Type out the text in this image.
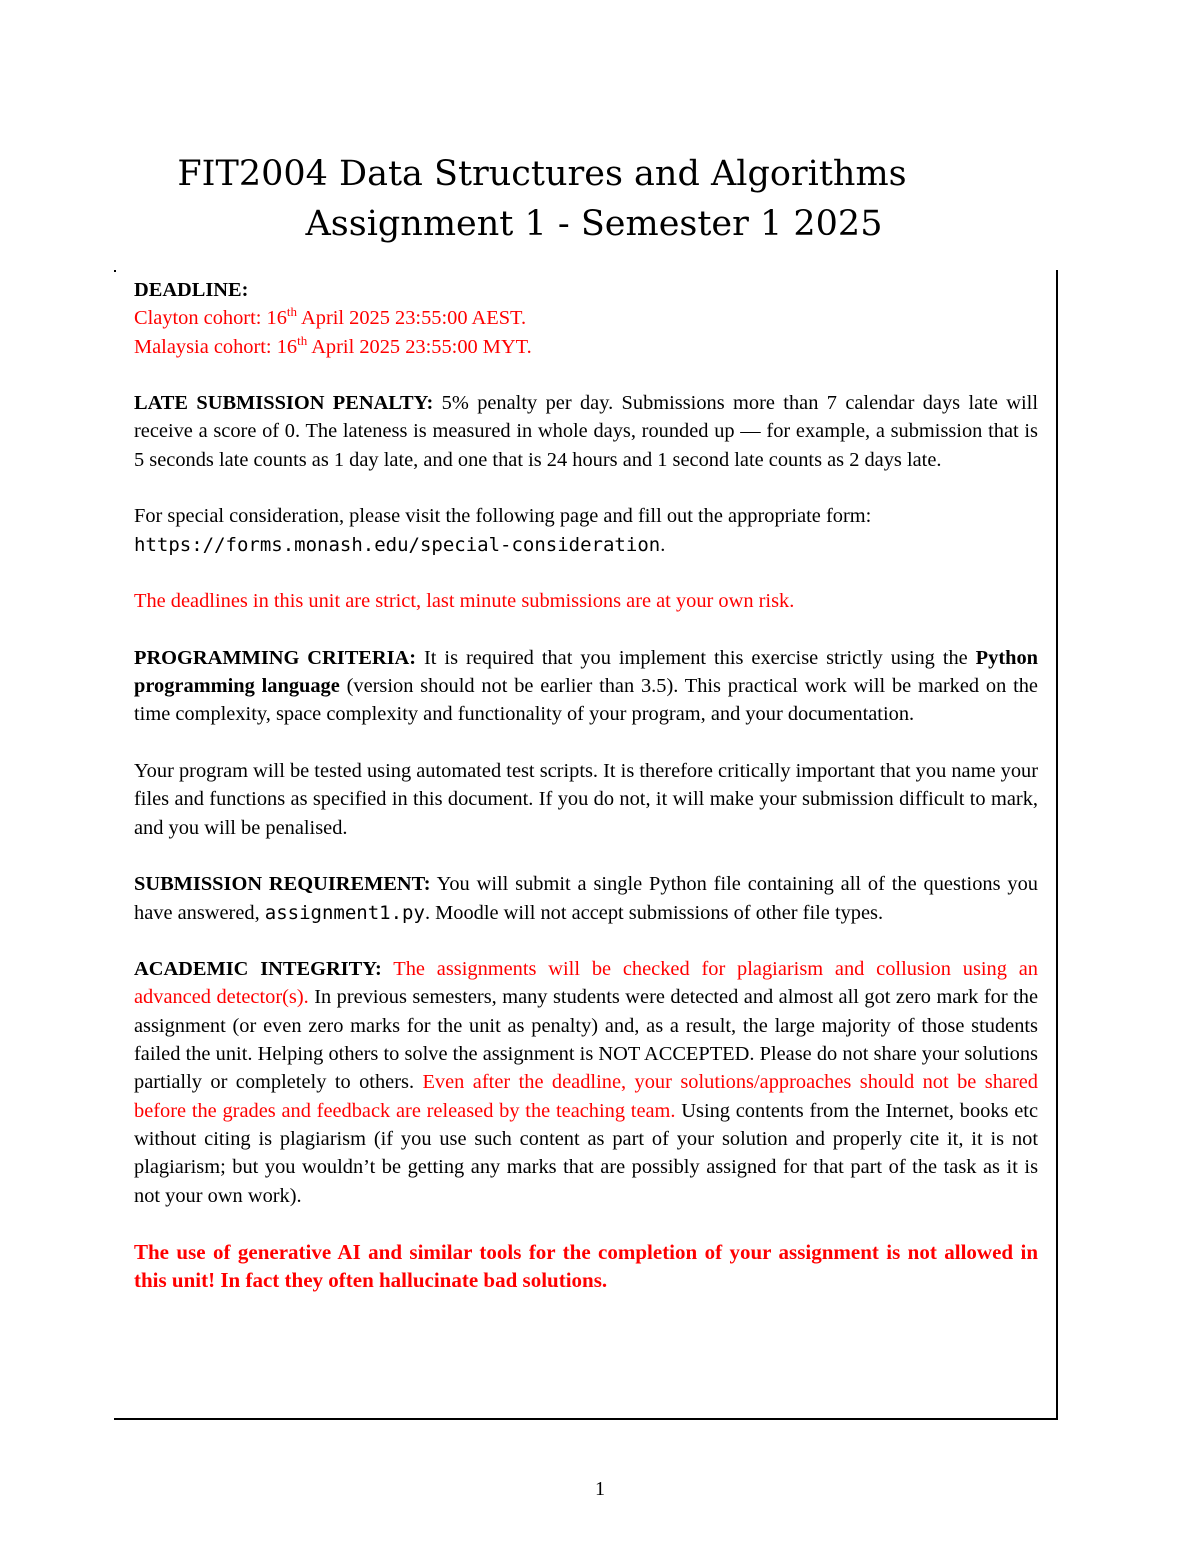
FIT2004 Data Structures and Algorithms
Assignment 1 - Semester 1 2025

DEADLINE:
Clayton cohort: 16th April 2025 23:55:00 AEST.
Malaysia cohort: 16th April 2025 23:55:00 MYT.

LATE SUBMISSION PENALTY: 5% penalty per day. Submissions more than 7 calendar days late will receive a score of 0. The lateness is measured in whole days, rounded up — for example, a submission that is 5 seconds late counts as 1 day late, and one that is 24 hours and 1 second late counts as 2 days late.

For special consideration, please visit the following page and fill out the appropriate form: https://forms.monash.edu/special-consideration.

The deadlines in this unit are strict, last minute submissions are at your own risk.

PROGRAMMING CRITERIA: It is required that you implement this exercise strictly using the Python programming language (version should not be earlier than 3.5). This practical work will be marked on the time complexity, space complexity and functionality of your program, and your documentation.

Your program will be tested using automated test scripts. It is therefore critically important that you name your files and functions as specified in this document. If you do not, it will make your submission difficult to mark, and you will be penalised.

SUBMISSION REQUIREMENT: You will submit a single Python file containing all of the questions you have answered, assignment1.py. Moodle will not accept submissions of other file types.

ACADEMIC INTEGRITY: The assignments will be checked for plagiarism and collusion using an advanced detector(s). In previous semesters, many students were detected and almost all got zero mark for the assignment (or even zero marks for the unit as penalty) and, as a result, the large majority of those students failed the unit. Helping others to solve the assignment is NOT ACCEPTED. Please do not share your solutions partially or completely to others. Even after the deadline, your solutions/approaches should not be shared before the grades and feedback are released by the teaching team. Using contents from the Internet, books etc without citing is plagiarism (if you use such content as part of your solution and properly cite it, it is not plagiarism; but you wouldn’t be getting any marks that are possibly assigned for that part of the task as it is not your own work).

The use of generative AI and similar tools for the completion of your assignment is not allowed in this unit! In fact they often hallucinate bad solutions.

1
